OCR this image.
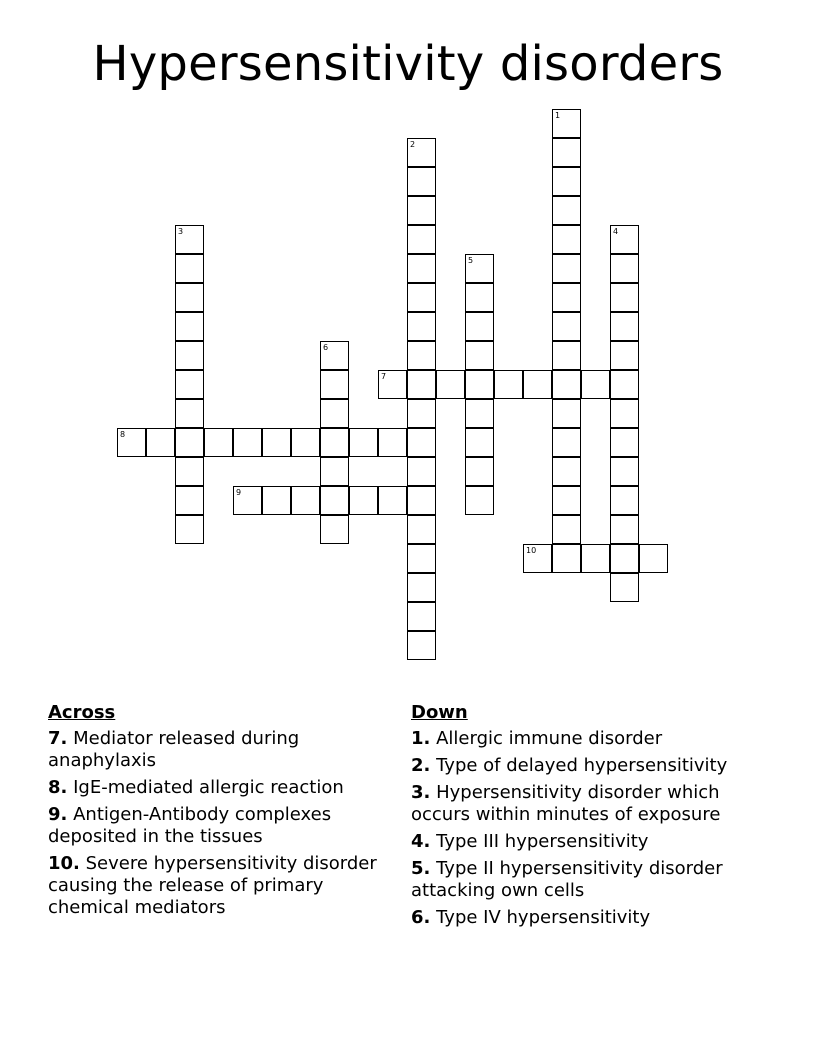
Hypersensitivity disorders
1
2
3	4
5
6
7
8
9
10
Across
7. Mediator released during anaphylaxis
8. IgE-mediated allergic reaction
9. Antigen-Antibody complexes deposited in the tissues
10. Severe hypersensitivity disorder causing the release of primary chemical mediators
Down
1. Allergic immune disorder
2. Type of delayed hypersensitivity
3. Hypersensitivity disorder which occurs within minutes of exposure
4. Type III hypersensitivity
5. Type II hypersensitivity disorder attacking own cells
6. Type IV hypersensitivity
